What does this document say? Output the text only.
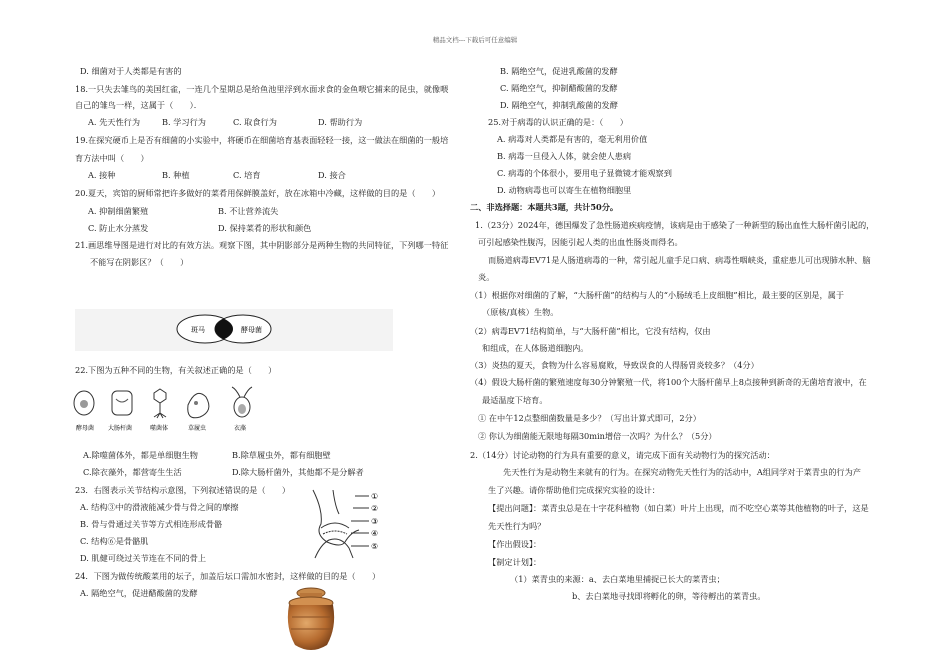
精品文档---下载后可任意编辑
D. 细菌对于人类都是有害的
18.一只失去雏鸟的美国红雀，一连几个星期总是给鱼池里浮到水面求食的金鱼喂它捕来的昆虫，就像喂
自己的雏鸟一样，这属于（　　）．
A. 先天性行为	B. 学习行为	C. 取食行为	D. 帮助行为
19.在探究硬币上是否有细菌的小实验中，将硬币在细菌培育基表面轻轻一接，这一做法在细菌的一般培
育方法中叫（　　）
A. 接种	B. 种植	C. 培育	D. 接合
20.夏天，宾馆的厨师常把许多做好的菜肴用保鲜膜盖好，放在冰箱中冷藏，这样做的目的是（　　）
A. 抑制细菌繁殖	B. 不让营养流失
C. 防止水分蒸发	D. 保持菜肴的形状和颜色
21.画思维导图是进行对比的有效方法。观察下图，其中阴影部分是两种生物的共同特征，下列哪一特征
不能写在阴影区？（　　）
斑马	酵母菌
22.下图为五种不同的生物，有关叙述正确的是（　　）
酵母菌 大肠杆菌	噬菌体	草履虫	衣藻
A.除噬菌体外，都是单细胞生物	B.除草履虫外，都有细胞壁
C.除衣藻外，都营寄生生活	D.除大肠杆菌外，其他都不是分解者
23．右图表示关节结构示意图，下列叙述错误的是（　　）
A. 结构③中的滑液能减少骨与骨之间的摩擦
B. 骨与骨通过关节等方式相连形成骨骼
C. 结构⑥是骨骼肌
D. 肌健可绕过关节连在不同的骨上
①
②
③
④
⑤
24．下图为做传统酸菜用的坛子，加盖后坛口需加水密封，这样做的目的是（　　）
A. 隔绝空气，促进醋酸菌的发酵
B. 隔绝空气，促进乳酸菌的发酵
C. 隔绝空气，抑制醋酸菌的发酵
D. 隔绝空气，抑制乳酸菌的发酵
25.对于病毒的认识正确的是：（　　）
A. 病毒对人类都是有害的，毫无利用价值
B. 病毒一旦侵入人体，就会使人患病
C. 病毒的个体很小，要用电子显微镜才能观察到
D. 动物病毒也可以寄生在植物细胞里
二、非选择题：本题共3题，共计50分。
1.（23分）2024年，德国爆发了急性肠道疾病疫情，该病是由于感染了一种新型的肠出血性大肠杆菌引起的，
可引起感染性腹泻，因能引起人类的出血性肠炎而得名。
而肠道病毒EV71是人肠道病毒的一种，常引起儿童手足口病、病毒性咽峡炎，重症患儿可出现肺水肿、脑
炎。
（1）根据你对细菌的了解，“大肠杆菌”的结构与人的“小肠绒毛上皮细胞”相比，最主要的区别是，属于
（原核/真核）生物。
（2）病毒EV71结构简单，与“大肠杆菌”相比，它没有结构，仅由
和组成，在人体肠道细胞内。
（3）炎热的夏天，食物为什么容易腐败，导致误食的人得肠胃炎较多？（4分）
（4）假设大肠杆菌的繁殖速度每30分钟繁殖一代，将100个大肠杆菌早上8点接种到新奇的无菌培育液中，在
最适温度下培育。
① 在中午12点整细菌数量是多少？（写出计算式即可，2分）
② 你认为细菌能无限地每隔30min增倍一次吗？为什么？（5分）
2.（14分）讨论动物的行为具有重要的意义，请完成下面有关动物行为的探究活动：
先天性行为是动物生来就有的行为。在探究动物先天性行为的活动中，A组同学对于菜青虫的行为产
生了兴趣。请你帮助他们完成探究实验的设计：
【提出问题】：菜青虫总是在十字花科植物（如白菜）叶片上出现，而不吃空心菜等其他植物的叶子，这是
先天性行为吗？
【作出假设】：
【制定计划】：
（1）菜青虫的来源：a、去白菜地里捕捉已长大的菜青虫；
b、去白菜地寻找即将孵化的卵，等待孵出的菜青虫。
